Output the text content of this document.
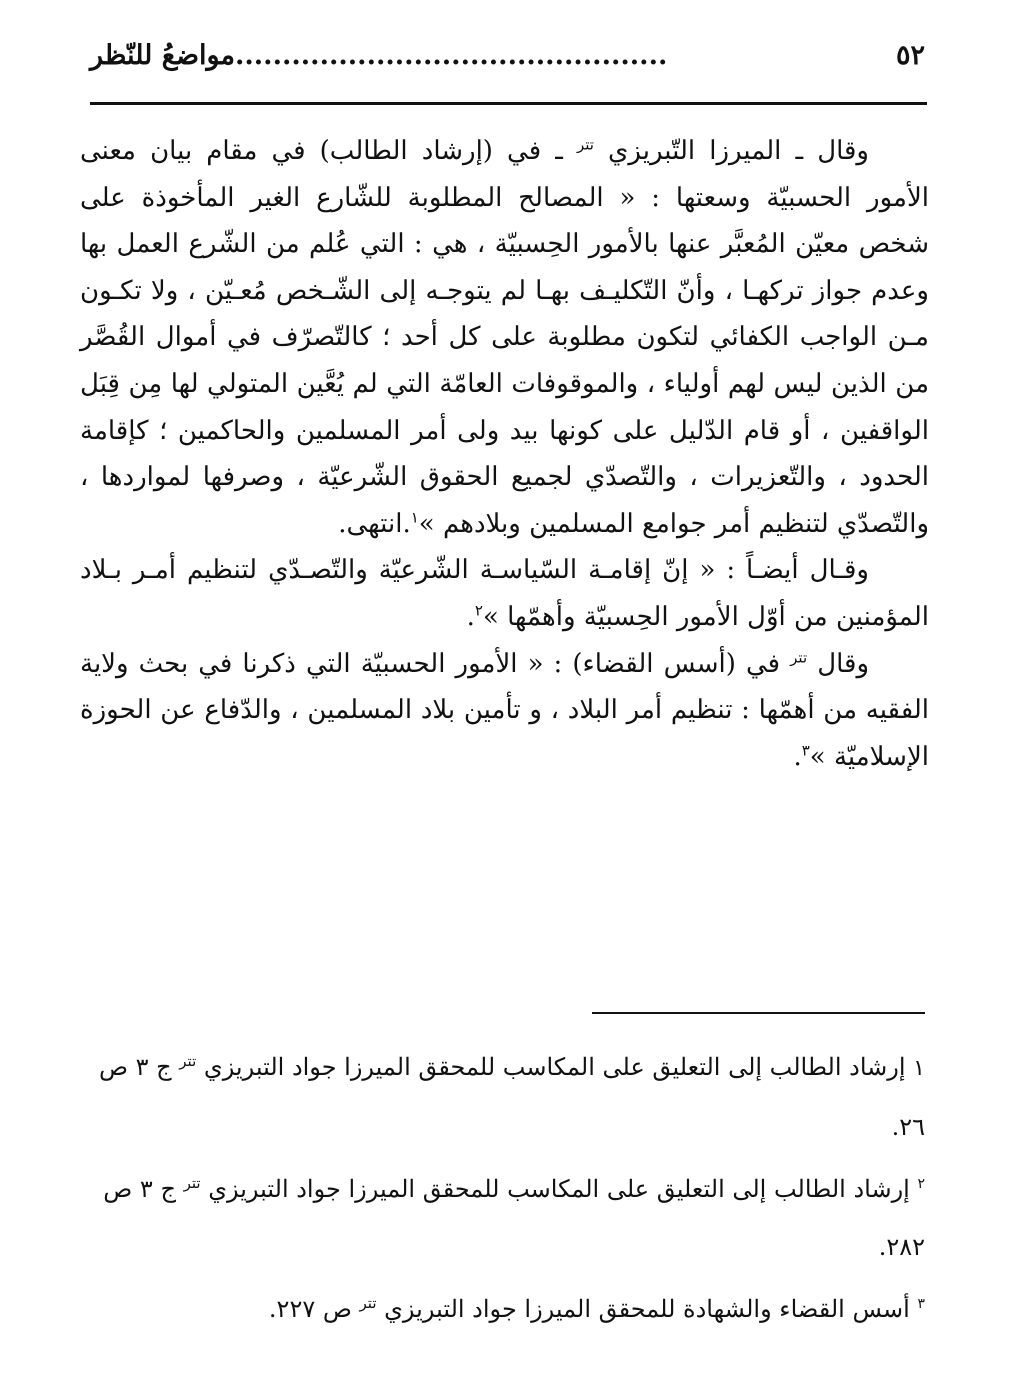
٥٢
..............................................مواضعُ للنّظر

وقال ـ الميرزا التّبريزي $^{تتر}$ ـ في (إرشاد الطالب) في مقام بيان معنى الأمور الحسبيّة وسعتها : « المصالح المطلوبة للشّارع الغير المأخوذة على شخص معيّن المُعبَّر عنها بالأمور الحِسبيّة ، هي : التي عُلم من الشّرع العمل بها وعدم جواز تركهـا ، وأنّ التّكليـف بهـا لم يتوجـه إلى الشّـخص مُعـيّن ، ولا تكـون مـن الواجب الكفائي لتكون مطلوبة على كل أحد ؛ كالتّصرّف في أموال القُصَّر من الذين ليس لهم أولياء ، والموقوفات العامّة التي لم يُعَّين المتولي لها مِن قِبَل الواقفين ، أو قام الدّليل على كونها بيد ولى أمر المسلمين والحاكمين ؛ كإقامة الحدود ، والتّعزيرات ، والتّصدّي لجميع الحقوق الشّرعيّة ، وصرفها لمواردها ، والتّصدّي لتنظيم أمر جوامع المسلمين وبلادهم »$^١$.انتهى.

وقـال أيضـاً : « إنّ إقامـة السّياسـة الشّرعيّة والتّصـدّي لتنظيم أمـر بـلاد المؤمنين من أوّل الأمور الحِسبيّة وأهمّها »$^٢$.

وقال $^{تتر}$ في (أسس القضاء) : « الأمور الحسبيّة التي ذكرنا في بحث ولاية الفقيه من أهمّها : تنظيم أمر البلاد ، و تأمين بلاد المسلمين ، والدّفاع عن الحوزة الإسلاميّة »$^٣$.

١ إرشاد الطالب إلى التعليق على المكاسب للمحقق الميرزا جواد التبريزي $^{تتر}$ ج ٣ ص ٢٦.

$^٢$ إرشاد الطالب إلى التعليق على المكاسب للمحقق الميرزا جواد التبريزي $^{تتر}$ ج ٣ ص ٢٨٢.

$^٣$ أسس القضاء والشهادة للمحقق الميرزا جواد التبريزي $^{تتر}$ ص ٢٢٧.
